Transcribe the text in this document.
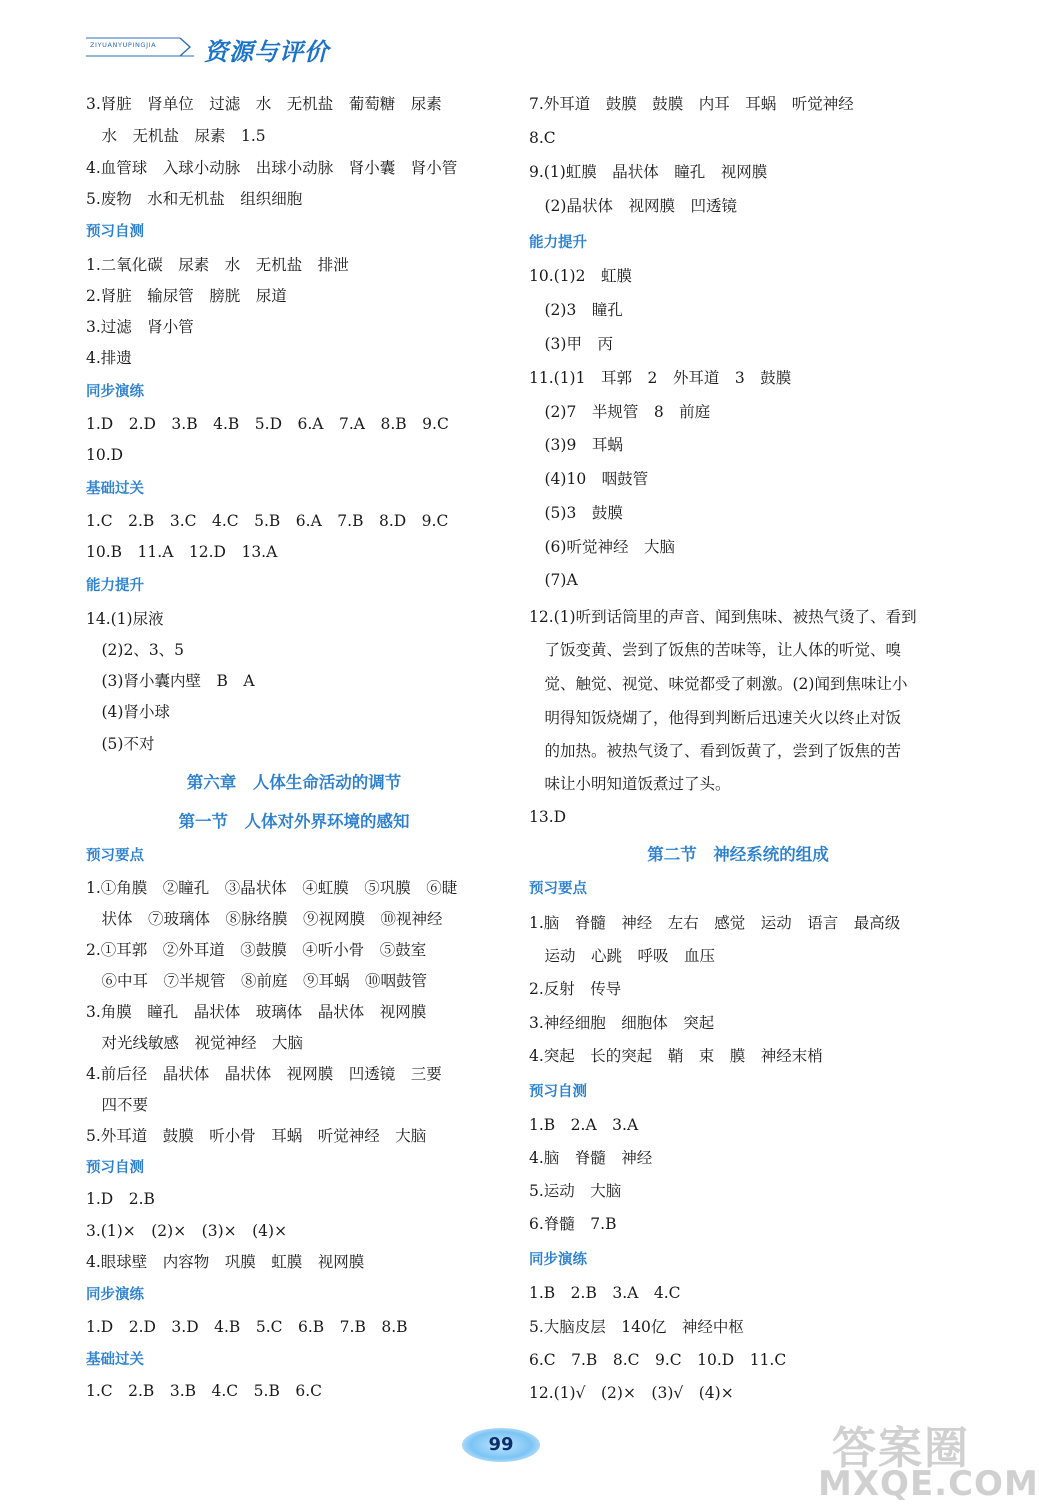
ZIYUANYUPINGJIA 资源与评价
3.肾脏　肾单位　过滤　水　无机盐　葡萄糖　尿素
　水　无机盐　尿素　1.5
4.血管球　入球小动脉　出球小动脉　肾小囊　肾小管
5.废物　水和无机盐　组织细胞
预习自测
1.二氧化碳　尿素　水　无机盐　排泄
2.肾脏　输尿管　膀胱　尿道
3.过滤　肾小管
4.排遗
同步演练
1.D　2.D　3.B　4.B　5.D　6.A　7.A　8.B　9.C
10.D
基础过关
1.C　2.B　3.C　4.C　5.B　6.A　7.B　8.D　9.C
10.B　11.A　12.D　13.A
能力提升
14.(1)尿液
　(2)2、3、5
　(3)肾小囊内壁　B　A
　(4)肾小球
　(5)不对
第六章　人体生命活动的调节
第一节　人体对外界环境的感知
预习要点
1.①角膜　②瞳孔　③晶状体　④虹膜　⑤巩膜　⑥睫
　状体　⑦玻璃体　⑧脉络膜　⑨视网膜　⑩视神经
2.①耳郭　②外耳道　③鼓膜　④听小骨　⑤鼓室
　⑥中耳　⑦半规管　⑧前庭　⑨耳蜗　⑩咽鼓管
3.角膜　瞳孔　晶状体　玻璃体　晶状体　视网膜
　对光线敏感　视觉神经　大脑
4.前后径　晶状体　晶状体　视网膜　凹透镜　三要
　四不要
5.外耳道　鼓膜　听小骨　耳蜗　听觉神经　大脑
预习自测
1.D　2.B
3.(1)×　(2)×　(3)×　(4)×
4.眼球壁　内容物　巩膜　虹膜　视网膜
同步演练
1.D　2.D　3.D　4.B　5.C　6.B　7.B　8.B
基础过关
1.C　2.B　3.B　4.C　5.B　6.C
7.外耳道　鼓膜　鼓膜　内耳　耳蜗　听觉神经
8.C
9.(1)虹膜　晶状体　瞳孔　视网膜
　(2)晶状体　视网膜　凹透镜
能力提升
10.(1)2　虹膜
　(2)3　瞳孔
　(3)甲　丙
11.(1)1　耳郭　2　外耳道　3　鼓膜
　(2)7　半规管　8　前庭
　(3)9　耳蜗
　(4)10　咽鼓管
　(5)3　鼓膜
　(6)听觉神经　大脑
　(7)A
12.(1)听到话筒里的声音、闻到焦味、被热气烫了、看到
　了饭变黄、尝到了饭焦的苦味等，让人体的听觉、嗅
　觉、触觉、视觉、味觉都受了刺激。(2)闻到焦味让小
　明得知饭烧煳了，他得到判断后迅速关火以终止对饭
　的加热。被热气烫了、看到饭黄了，尝到了饭焦的苦
　味让小明知道饭煮过了头。
13.D
第二节　神经系统的组成
预习要点
1.脑　脊髓　神经　左右　感觉　运动　语言　最高级
　运动　心跳　呼吸　血压
2.反射　传导
3.神经细胞　细胞体　突起
4.突起　长的突起　鞘　束　膜　神经末梢
预习自测
1.B　2.A　3.A
4.脑　脊髓　神经
5.运动　大脑
6.脊髓　7.B
同步演练
1.B　2.B　3.A　4.C
5.大脑皮层　140亿　神经中枢
6.C　7.B　8.C　9.C　10.D　11.C
12.(1)√　(2)×　(3)√　(4)×
99	答案圈
MXQE.COM
